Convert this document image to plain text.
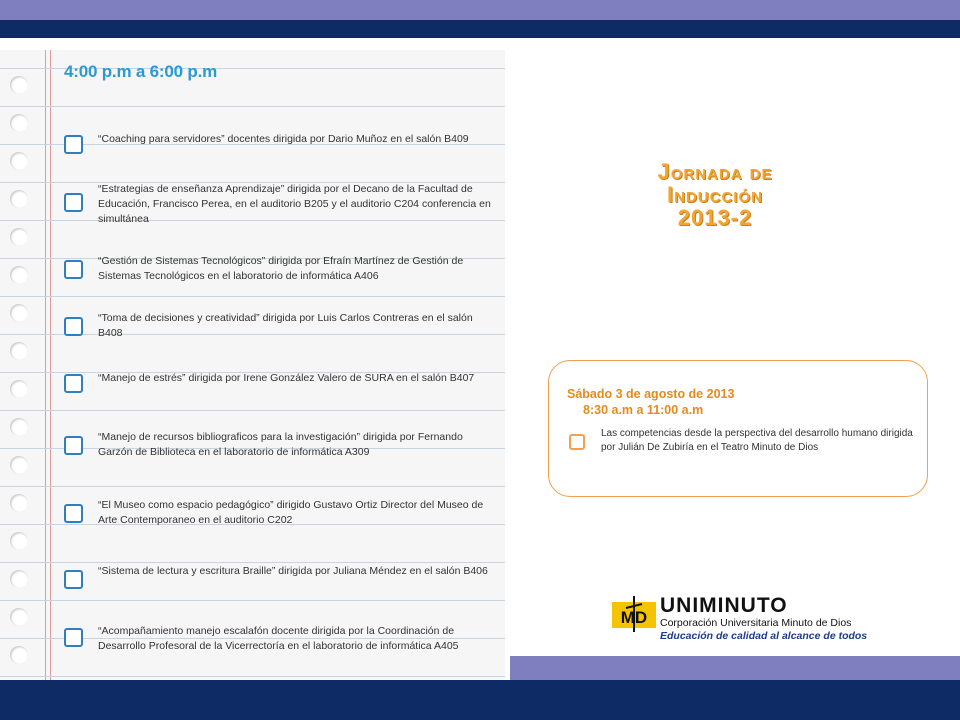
4:00 p.m a 6:00 p.m
“Coaching para servidores” docentes dirigida por Dario Muñoz en el salón B409
“Estrategias de enseñanza Aprendizaje” dirigida por el Decano de la Facultad de Educación, Francisco Perea, en el auditorio B205 y el auditorio C204 conferencia en simultánea
“Gestión de Sistemas Tecnológicos” dirigida por Efraín Martínez de Gestión de Sistemas Tecnológicos en el laboratorio de informática A406
“Toma de decisiones y creatividad” dirigida por Luis Carlos Contreras en el salón B408
“Manejo de estrés” dirigida por Irene González Valero de SURA en el salón B407
“Manejo de recursos bibliograficos para la investigación” dirigida por Fernando Garzón de Biblioteca en el laboratorio de informática A309
“El Museo como espacio pedagógico” dirigido Gustavo Ortiz Director del Museo de Arte Contemporaneo en el auditorio C202
“Sistema de lectura y escritura Braille” dirigida por Juliana Méndez en el salón B406
“Acompañamiento manejo escalafón docente dirigida por la Coordinación de Desarrollo Profesoral de la Vicerrectoría en el laboratorio de informática A405
Jornada de
Inducción
2013-2
Sábado 3 de agosto de 2013
8:30 a.m a 11:00 a.m
Las competencias desde la perspectiva del desarrollo humano dirigida por Julián De Zubiría en el Teatro Minuto de Dios
MD
UNIMINUTO
Corporación Universitaria Minuto de Dios
Educación de calidad al alcance de todos
